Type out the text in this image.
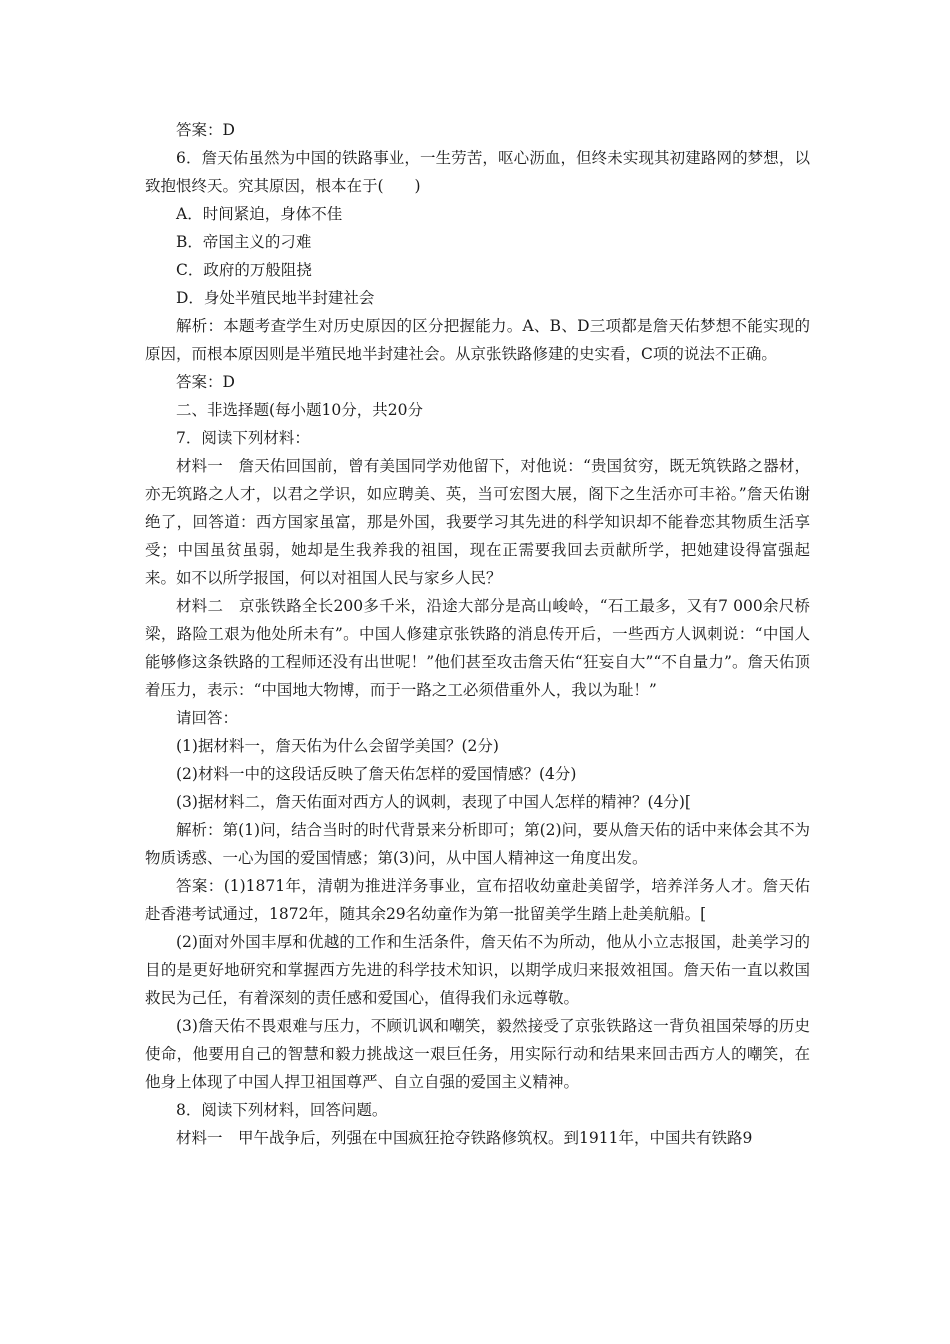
答案：D

6．詹天佑虽然为中国的铁路事业，一生劳苦，呕心沥血，但终未实现其初建路网的梦想，以致抱恨终天。究其原因，根本在于(　　)

A．时间紧迫，身体不佳

B．帝国主义的刁难

C．政府的万般阻挠

D．身处半殖民地半封建社会

解析：本题考查学生对历史原因的区分把握能力。A、B、D三项都是詹天佑梦想不能实现的原因，而根本原因则是半殖民地半封建社会。从京张铁路修建的史实看，C项的说法不正确。

答案：D

二、非选择题(每小题10分，共20分

7．阅读下列材料：

材料一　詹天佑回国前，曾有美国同学劝他留下，对他说：“贵国贫穷，既无筑铁路之器材，亦无筑路之人才，以君之学识，如应聘美、英，当可宏图大展，阁下之生活亦可丰裕。”詹天佑谢绝了，回答道：西方国家虽富，那是外国，我要学习其先进的科学知识却不能眷恋其物质生活享受；中国虽贫虽弱，她却是生我养我的祖国，现在正需要我回去贡献所学，把她建设得富强起来。如不以所学报国，何以对祖国人民与家乡人民？

材料二　京张铁路全长200多千米，沿途大部分是高山峻岭，“石工最多，又有7 000余尺桥梁，路险工艰为他处所未有”。中国人修建京张铁路的消息传开后，一些西方人讽刺说：“中国人能够修这条铁路的工程师还没有出世呢！”他们甚至攻击詹天佑“狂妄自大”“不自量力”。詹天佑顶着压力，表示：“中国地大物博，而于一路之工必须借重外人，我以为耻！”

请回答：

(1)据材料一，詹天佑为什么会留学美国？(2分)

(2)材料一中的这段话反映了詹天佑怎样的爱国情感？(4分)

(3)据材料二，詹天佑面对西方人的讽刺，表现了中国人怎样的精神？(4分)[

解析：第(1)问，结合当时的时代背景来分析即可；第(2)问，要从詹天佑的话中来体会其不为物质诱惑、一心为国的爱国情感；第(3)问，从中国人精神这一角度出发。

答案：(1)1871年，清朝为推进洋务事业，宣布招收幼童赴美留学，培养洋务人才。詹天佑赴香港考试通过，1872年，随其余29名幼童作为第一批留美学生踏上赴美航船。[

(2)面对外国丰厚和优越的工作和生活条件，詹天佑不为所动，他从小立志报国，赴美学习的目的是更好地研究和掌握西方先进的科学技术知识，以期学成归来报效祖国。詹天佑一直以救国救民为己任，有着深刻的责任感和爱国心，值得我们永远尊敬。

(3)詹天佑不畏艰难与压力，不顾讥讽和嘲笑，毅然接受了京张铁路这一背负祖国荣辱的历史使命，他要用自己的智慧和毅力挑战这一艰巨任务，用实际行动和结果来回击西方人的嘲笑，在他身上体现了中国人捍卫祖国尊严、自立自强的爱国主义精神。

8．阅读下列材料，回答问题。

材料一　甲午战争后，列强在中国疯狂抢夺铁路修筑权。到1911年，中国共有铁路9
